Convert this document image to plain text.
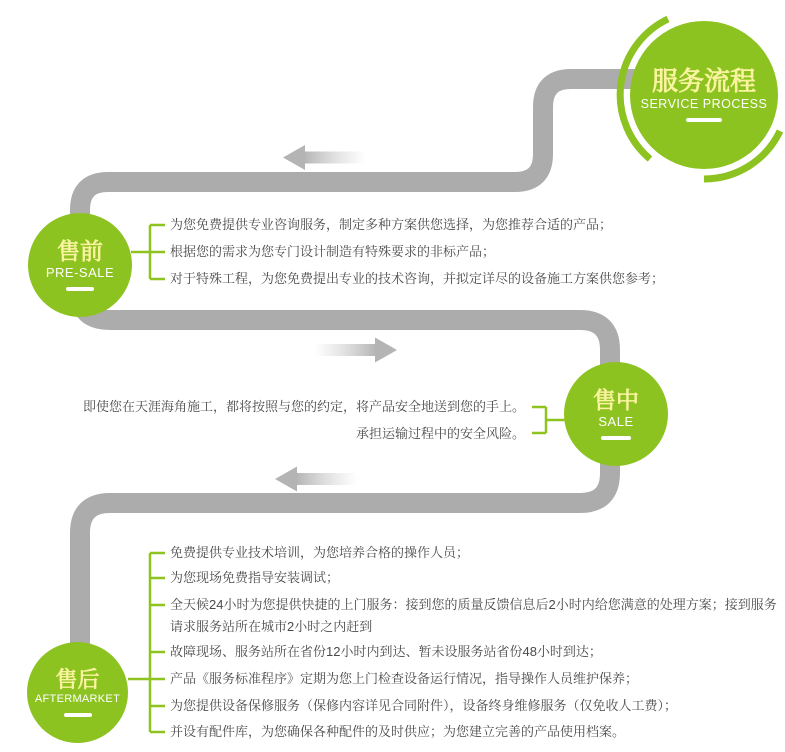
服务流程
SERVICE PROCESS
售前
PRE-SALE
售中
SALE
售后
AFTERMARKET
为您免费提供专业咨询服务，制定多种方案供您选择，为您推荐合适的产品；
根据您的需求为您专门设计制造有特殊要求的非标产品；
对于特殊工程，为您免费提出专业的技术咨询，并拟定详尽的设备施工方案供您参考；
即使您在天涯海角施工，都将按照与您的约定，将产品安全地送到您的手上。
承担运输过程中的安全风险。
免费提供专业技术培训，为您培养合格的操作人员；
为您现场免费指导安装调试；
全天候24小时为您提供快捷的上门服务：接到您的质量反馈信息后2小时内给您满意的处理方案；接到服务请求服务站所在城市2小时之内赶到
故障现场、服务站所在省份12小时内到达、暂未设服务站省份48小时到达；
产品《服务标准程序》定期为您上门检查设备运行情况，指导操作人员维护保养；
为您提供设备保修服务（保修内容详见合同附件），设备终身维修服务（仅免收人工费）；
并设有配件库，为您确保各种配件的及时供应；为您建立完善的产品使用档案。
